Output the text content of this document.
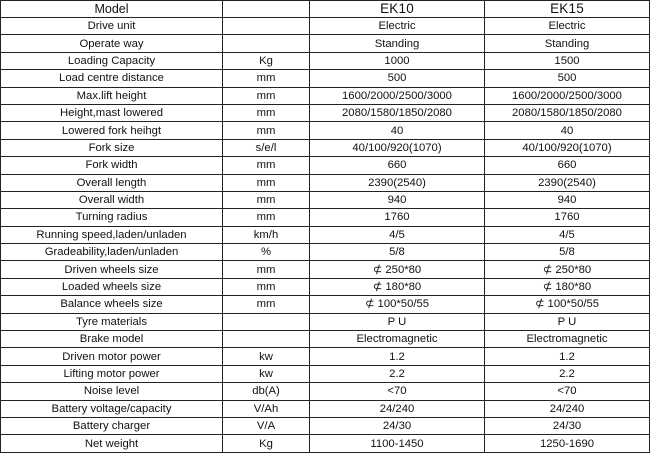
Model		EK10	EK15
Drive unit		Electric	Electric
Operate way		Standing	Standing
Loading Capacity	Kg	1000	1500
Load centre distance	mm	500	500
Max.lift height	mm	1600/2000/2500/3000	1600/2000/2500/3000
Height,mast lowered	mm	2080/1580/1850/2080	2080/1580/1850/2080
Lowered fork heihgt	mm	40	40
Fork size	s/e/l	40/100/920(1070)	40/100/920(1070)
Fork width	mm	660	660
Overall length	mm	2390(2540)	2390(2540)
Overall width	mm	940	940
Turning radius	mm	1760	1760
Running speed,laden/unladen	km/h	4/5	4/5
Gradeability,laden/unladen	%	5/8	5/8
Driven wheels size	mm	⊄ 250*80	⊄ 250*80
Loaded wheels size	mm	⊄ 180*80	⊄ 180*80
Balance wheels size	mm	⊄ 100*50/55	⊄ 100*50/55
Tyre materials		P U	P U
Brake model		Electromagnetic	Electromagnetic
Driven motor power	kw	1.2	1.2
Lifting motor power	kw	2.2	2.2
Noise level	db(A)	<70	<70
Battery voltage/capacity	V/Ah	24/240	24/240
Battery charger	V/A	24/30	24/30
Net weight	Kg	1100-1450	1250-1690
